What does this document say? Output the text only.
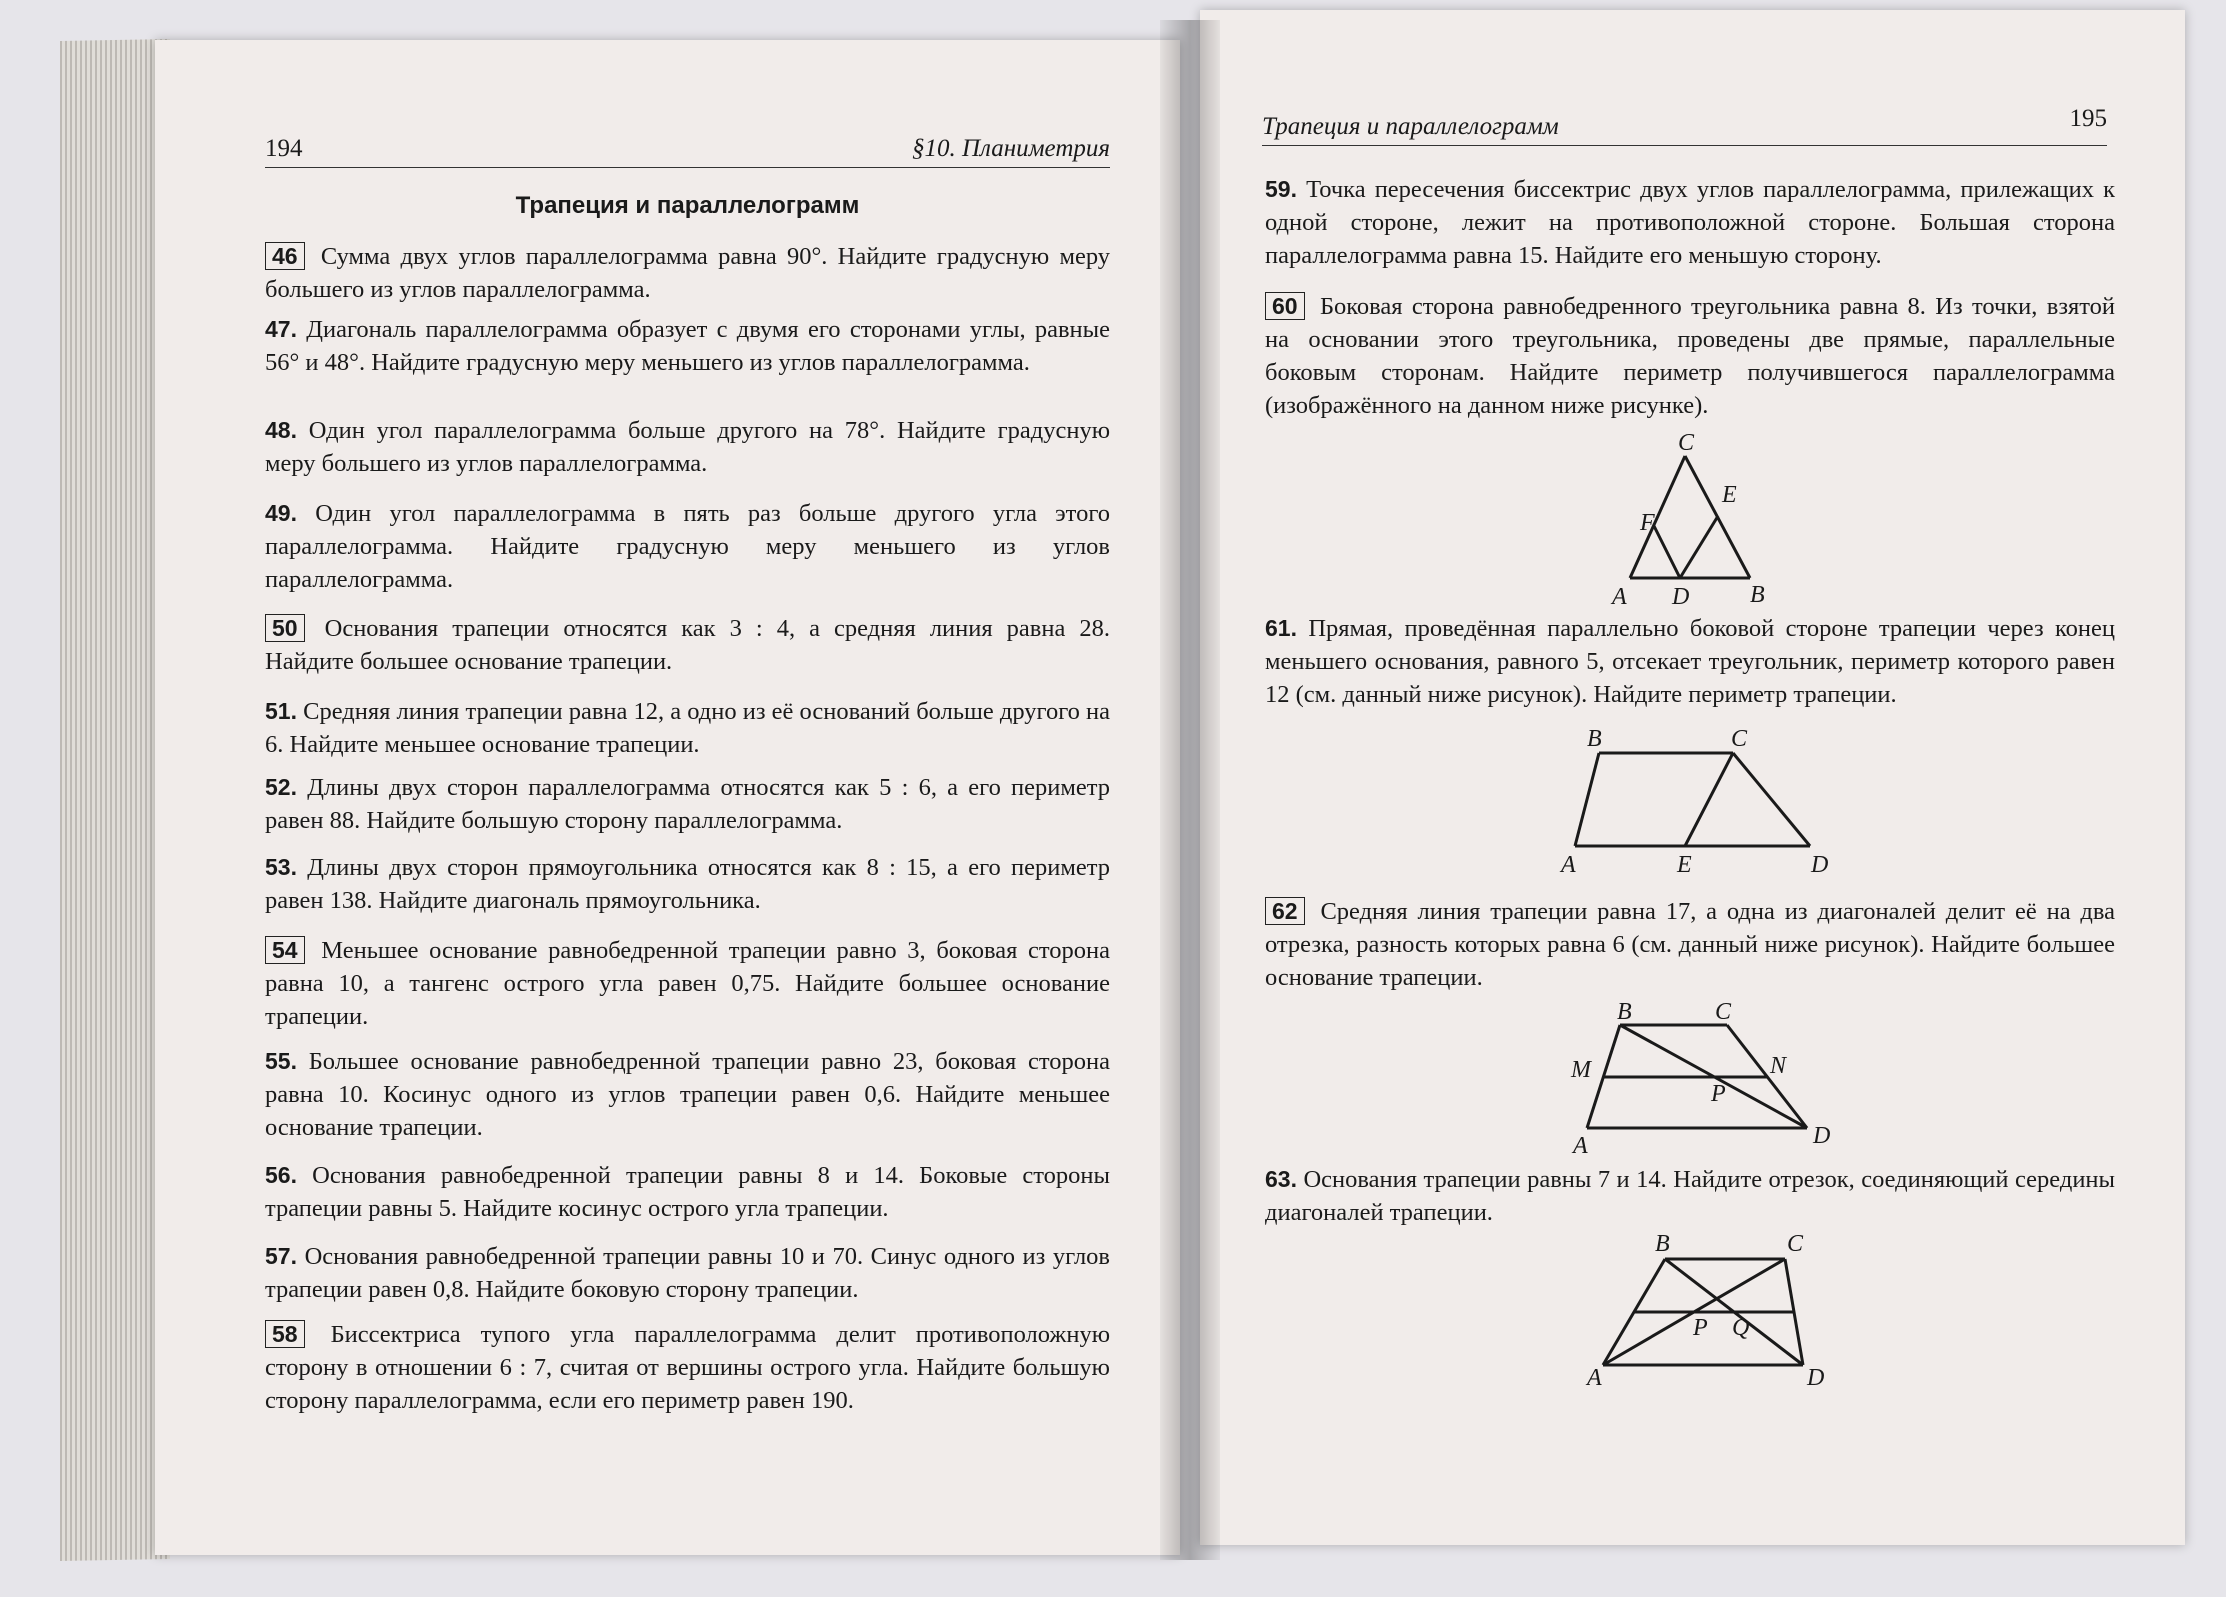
194	§10. Планиметрия
Трапеция и параллелограмм
46 Сумма двух углов параллелограмма равна 90°. Найдите градусную меру большего из углов параллелограмма.
47. Диагональ параллелограмма образует с двумя его сторонами углы, равные 56° и 48°. Найдите градусную меру меньшего из углов параллелограмма.
48. Один угол параллелограмма больше другого на 78°. Найдите градусную меру большего из углов параллелограмма.
49. Один угол параллелограмма в пять раз больше другого угла этого параллелограмма. Найдите градусную меру меньшего из углов параллелограмма.
50 Основания трапеции относятся как 3 : 4, а средняя линия равна 28. Найдите большее основание трапеции.
51. Средняя линия трапеции равна 12, а одно из её оснований больше другого на 6. Найдите меньшее основание трапеции.
52. Длины двух сторон параллелограмма относятся как 5 : 6, а его периметр равен 88. Найдите большую сторону параллелограмма.
53. Длины двух сторон прямоугольника относятся как 8 : 15, а его периметр равен 138. Найдите диагональ прямоугольника.
54 Меньшее основание равнобедренной трапеции равно 3, боковая сторона равна 10, а тангенс острого угла равен 0,75. Найдите большее основание трапеции.
55. Большее основание равнобедренной трапеции равно 23, боковая сторона равна 10. Косинус одного из углов трапеции равен 0,6. Найдите меньшее основание трапеции.
56. Основания равнобедренной трапеции равны 8 и 14. Боковые стороны трапеции равны 5. Найдите косинус острого угла трапеции.
57. Основания равнобедренной трапеции равны 10 и 70. Синус одного из углов трапеции равен 0,8. Найдите боковую сторону трапеции.
58 Биссектриса тупого угла параллелограмма делит противоположную сторону в отношении 6 : 7, считая от вершины острого угла. Найдите большую сторону параллелограмма, если его периметр равен 190.
Трапеция и параллелограмм	195
59. Точка пересечения биссектрис двух углов параллелограмма, прилежащих к одной стороне, лежит на противоположной стороне. Большая сторона параллелограмма равна 15. Найдите его меньшую сторону.
60 Боковая сторона равнобедренного треугольника равна 8. Из точки, взятой на основании этого треугольника, проведены две прямые, параллельные боковым сторонам. Найдите периметр получившегося параллелограмма (изображённого на данном ниже рисунке).
C
E
F
A D	B
61. Прямая, проведённая параллельно боковой стороне трапеции через конец меньшего основания, равного 5, отсекает треугольник, периметр которого равен 12 (см. данный ниже рисунок). Найдите периметр трапеции.
B	C
A	E	D
62 Средняя линия трапеции равна 17, а одна из диагоналей делит её на два отрезка, разность которых равна 6 (см. данный ниже рисунок). Найдите большее основание трапеции.
B	C
M	N
P
A	D
63. Основания трапеции равны 7 и 14. Найдите отрезок, соединяющий середины диагоналей трапеции.
B	C
P Q
A	D
